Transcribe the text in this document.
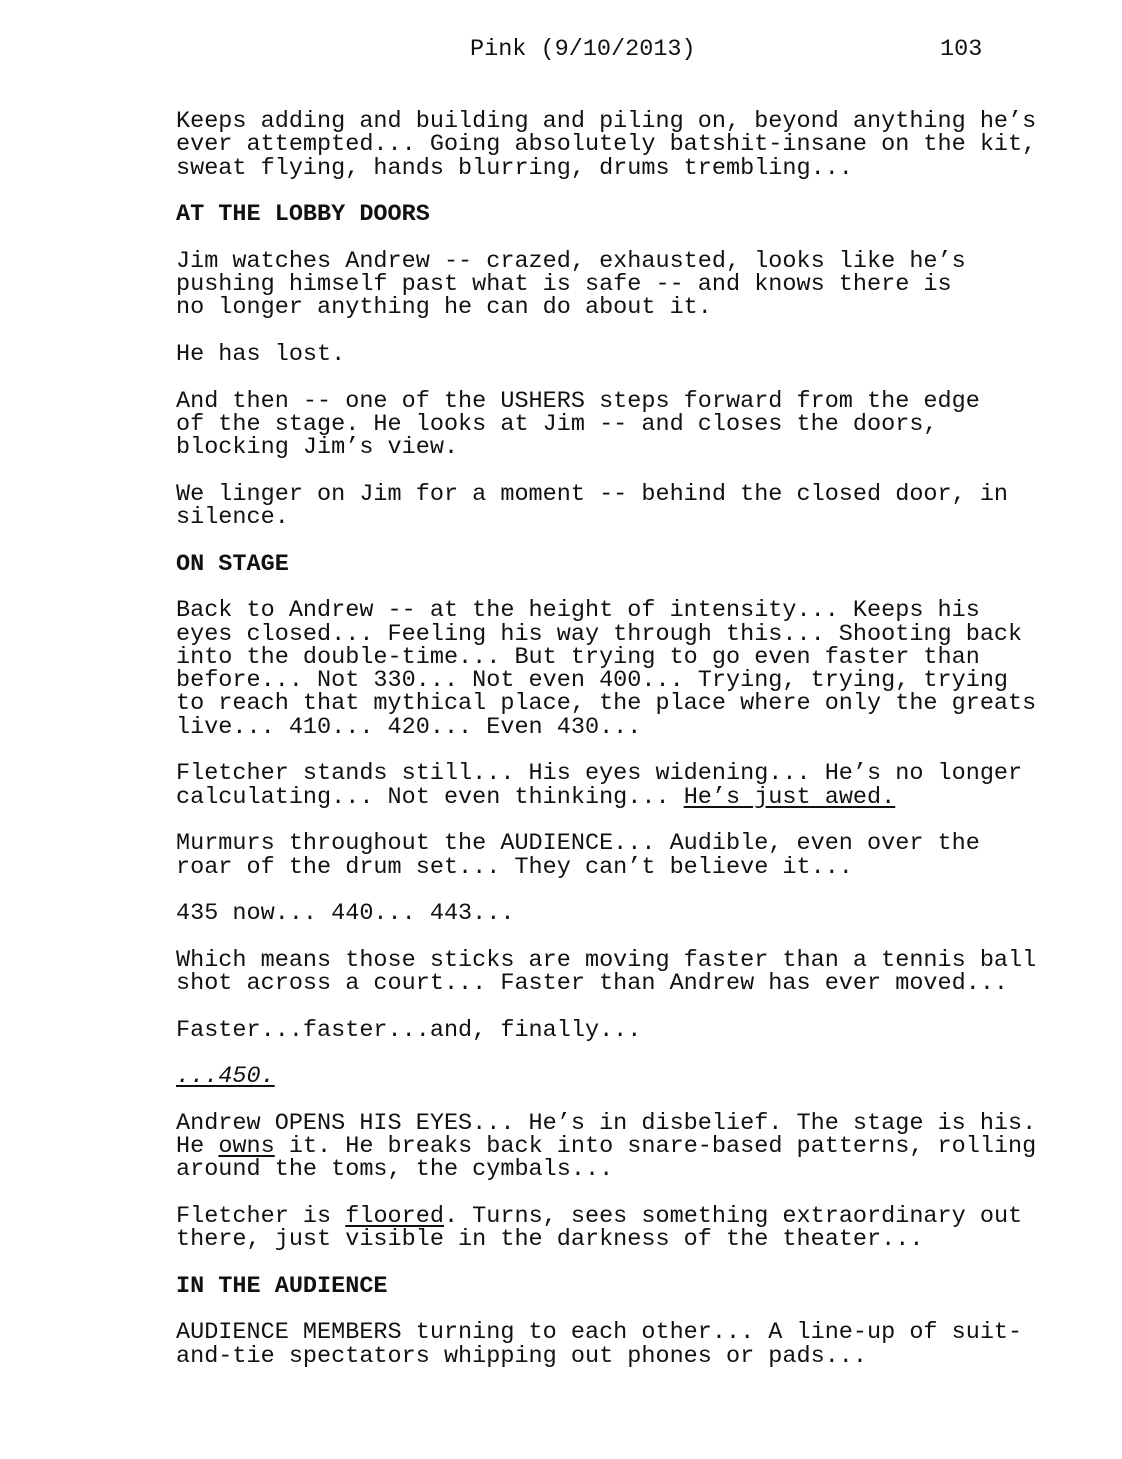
Pink (9/10/2013)	103

Keeps adding and building and piling on, beyond anything he’s
ever attempted... Going absolutely batshit-insane on the kit,
sweat flying, hands blurring, drums trembling...

AT THE LOBBY DOORS

Jim watches Andrew -- crazed, exhausted, looks like he’s
pushing himself past what is safe -- and knows there is
no longer anything he can do about it.

He has lost.

And then -- one of the USHERS steps forward from the edge
of the stage. He looks at Jim -- and closes the doors,
blocking Jim’s view.

We linger on Jim for a moment -- behind the closed door, in
silence.

ON STAGE

Back to Andrew -- at the height of intensity... Keeps his
eyes closed... Feeling his way through this... Shooting back
into the double-time... But trying to go even faster than
before... Not 330... Not even 400... Trying, trying, trying
to reach that mythical place, the place where only the greats
live... 410... 420... Even 430...

Fletcher stands still... His eyes widening... He’s no longer
calculating... Not even thinking... He’s just awed.

Murmurs throughout the AUDIENCE... Audible, even over the
roar of the drum set... They can’t believe it...

435 now... 440... 443...

Which means those sticks are moving faster than a tennis ball
shot across a court... Faster than Andrew has ever moved...

Faster...faster...and, finally...

...450.

Andrew OPENS HIS EYES... He’s in disbelief. The stage is his.
He owns it. He breaks back into snare-based patterns, rolling
around the toms, the cymbals...

Fletcher is floored. Turns, sees something extraordinary out
there, just visible in the darkness of the theater...

IN THE AUDIENCE

AUDIENCE MEMBERS turning to each other... A line-up of suit-
and-tie spectators whipping out phones or pads...
